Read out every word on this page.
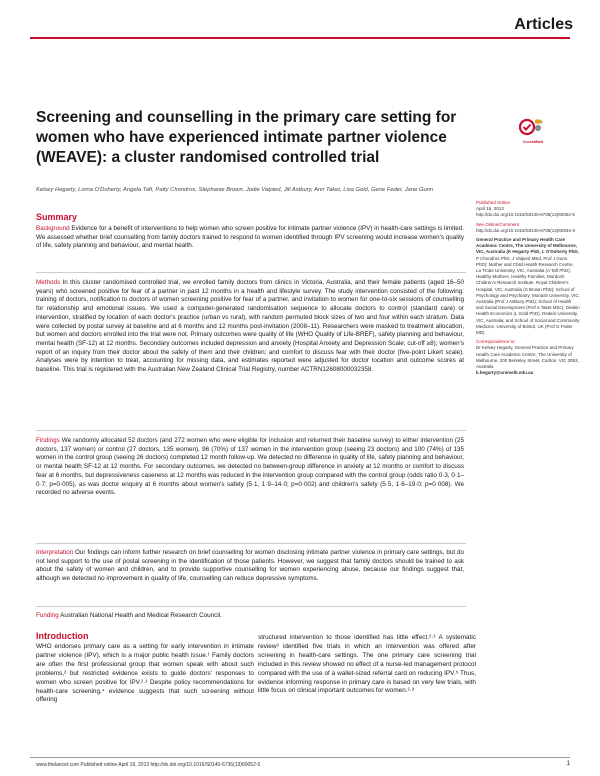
Articles
CrossMark
Screening and counselling in the primary care setting for women who have experienced intimate partner violence (WEAVE): a cluster randomised controlled trial
Kelsey Hegarty, Lorna O'Doherty, Angela Taft, Patty Chondros, Stephanie Brown, Jodie Valpied, Jill Astbury, Ann Taket, Lisa Gold, Gene Feder, Jane Gunn
Summary

Background Evidence for a benefit of interventions to help women who screen positive for intimate partner violence (IPV) in health-care settings is limited. We assessed whether brief counselling from family doctors trained to respond to women identified through IPV screening would increase women's quality of life, safety planning and behaviour, and mental health.

Methods In this cluster randomised controlled trial, we enrolled family doctors from clinics in Victoria, Australia, and their female patients (aged 16–50 years) who screened positive for fear of a partner in past 12 months in a health and lifestyle survey. The study intervention consisted of the following: training of doctors, notification to doctors of women screening positive for fear of a partner, and invitation to women for one-to-six sessions of counselling for relationship and emotional issues. We used a computer-generated randomisation sequence to allocate doctors to control (standard care) or intervention, stratified by location of each doctor's practice (urban vs rural), with random permuted block sizes of two and four within each stratum. Data were collected by postal survey at baseline and at 6 months and 12 months post-invitation (2008–11). Researchers were masked to treatment allocation, but women and doctors enrolled into the trial were not. Primary outcomes were quality of life (WHO Quality of Life-BREF), safety planning and behaviour, mental health (SF-12) at 12 months. Secondary outcomes included depression and anxiety (Hospital Anxiety and Depression Scale; cut-off ≥8); women's report of an inquiry from their doctor about the safety of them and their children; and comfort to discuss fear with their doctor (five-point Likert scale). Analyses were by intention to treat, accounting for missing data, and estimates reported were adjusted for doctor location and outcome scores at baseline. This trial is registered with the Australian New Zealand Clinical Trial Registry, number ACTRN12608000032358.

Findings We randomly allocated 52 doctors (and 272 women who were eligible for inclusion and returned their baseline survey) to either intervention (25 doctors, 137 women) or control (27 doctors, 135 women). 96 (70%) of 137 women in the intervention group (seeing 23 doctors) and 100 (74%) of 135 women in the control group (seeing 26 doctors) completed 12 month follow-up. We detected no difference in quality of life, safety planning and behaviour, or mental health SF-12 at 12 months. For secondary outcomes, we detected no between-group difference in anxiety at 12 months or comfort to discuss fear at 6 months, but depressiveness caseness at 12 months was reduced in the intervention group compared with the control group (odds ratio 0·3, 0·1–0·7; p=0·005), as was doctor enquiry at 6 months about women's safety (5·1, 1·9–14·0; p=0·002) and children's safety (5·5, 1·6–19·0; p=0·008). We recorded no adverse events.

Interpretation Our findings can inform further research on brief counselling for women disclosing intimate partner violence in primary care settings, but do not lend support to the use of postal screening in the identification of those patients. However, we suggest that family doctors should be trained to ask about the safety of women and children, and to provide supportive counselling for women experiencing abuse, because our findings suggest that, although we detected no improvement in quality of life, counselling can reduce depressive symptoms.

Funding Australian National Health and Medical Research Council.

Published Online
April 16, 2013
http://dx.doi.org/10.1016/S0140-6736(13)60052-5
See Online/Comment
http://dx.doi.org/10.1016/S0140-6736(13)60834-X
General Practice and Primary Health Care Academic Centre, The University of Melbourne, VIC, Australia (K Hegarty PhD, L O'Doherty PhD,
P Chondros PhD, J Valpied MEd, Prof J Gunn PhD); Mother and Child Health Research Centre, La Trobe University, VIC, Australia (A Taft PhD); Healthy Mothers, Healthy Families, Murdoch Children's Research Institute, Royal Children's Hospital, VIC, Australia (S Brown PhD); School of Psychology and Psychiatry, Monash University, VIC, Australia (Prof J Astbury PhD); School of Health and Social Development (Prof A Taket MSc); Deakin Health Economics (L Gold PhD), Deakin University, VIC, Australia; and School of Social and Community Medicine, University of Bristol, UK (Prof G Feder MD)
Correspondence to:
Dr Kelsey Hegarty, General Practice and Primary Health Care Academic Centre, The University of Melbourne, 200 Berkeley Street, Carlton, VIC 3053, Australia
k.hegarty@unimelb.edu.au
Introduction

WHO endorses primary care as a setting for early intervention in intimate partner violence (IPV), which is a major public health issue.¹ Family doctors are often the first professional group that women speak with about such problems,² but restricted evidence exists to guide doctors' responses to women who screen positive for IPV.²·³ Despite policy recommendations for health-care screening,⁴ evidence suggests that such screening without offering

structured intervention to those identified has little effect.²·³ A systematic review³ identified five trials in which an intervention was offered after screening in health-care settings. The one primary care screening trial included in this review showed no effect of a nurse-led management protocol compared with the use of a wallet-sized referral card on reducing IPV.⁵ Thus, evidence informing response in primary care is based on very few trials, with little focus on clinical important outcomes for women.²·³

www.thelancet.com Published online April 16, 2013 http://dx.doi.org/10.1016/S0140-6736(13)60052-5	1
